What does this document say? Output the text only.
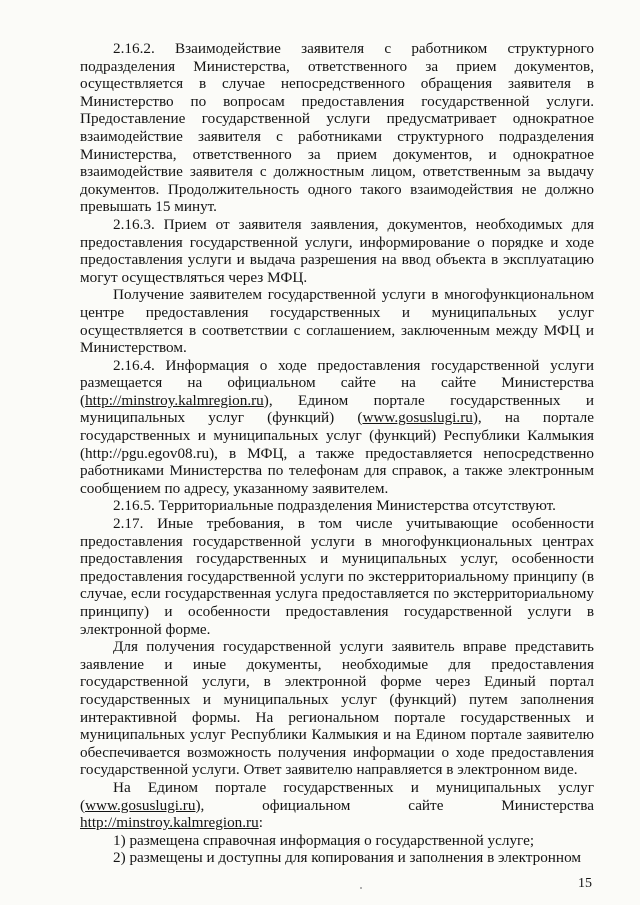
2.16.2. Взаимодействие заявителя с работником структурного подразделения Министерства, ответственного за прием документов, осуществляется в случае непосредственного обращения заявителя в Министерство по вопросам предоставления государственной услуги. Предоставление государственной услуги предусматривает однократное взаимодействие заявителя с работниками структурного подразделения Министерства, ответственного за прием документов, и однократное взаимодействие заявителя с должностным лицом, ответственным за выдачу документов. Продолжительность одного такого взаимодействия не должно превышать 15 минут.

2.16.3. Прием от заявителя заявления, документов, необходимых для предоставления государственной услуги, информирование о порядке и ходе предоставления услуги и выдача разрешения на ввод объекта в эксплуатацию могут осуществляться через МФЦ.

Получение заявителем государственной услуги в многофункциональном центре предоставления государственных и муниципальных услуг осуществляется в соответствии с соглашением, заключенным между МФЦ и Министерством.

2.16.4. Информация о ходе предоставления государственной услуги размещается на официальном сайте на сайте Министерства (http://minstroy.kalmregion.ru), Едином портале государственных и муниципальных услуг (функций) (www.gosuslugi.ru), на портале государственных и муниципальных услуг (функций) Республики Калмыкия (http://pgu.egov08.ru), в МФЦ, а также предоставляется непосредственно работниками Министерства по телефонам для справок, а также электронным сообщением по адресу, указанному заявителем.

2.16.5. Территориальные подразделения Министерства отсутствуют.

2.17. Иные требования, в том числе учитывающие особенности предоставления государственной услуги в многофункциональных центрах предоставления государственных и муниципальных услуг, особенности предоставления государственной услуги по экстерриториальному принципу (в случае, если государственная услуга предоставляется по экстерриториальному принципу) и особенности предоставления государственной услуги в электронной форме.

Для получения государственной услуги заявитель вправе представить заявление и иные документы, необходимые для предоставления государственной услуги, в электронной форме через Единый портал государственных и муниципальных услуг (функций) путем заполнения интерактивной формы. На региональном портале государственных и муниципальных услуг Республики Калмыкия и на Едином портале заявителю обеспечивается возможность получения информации о ходе предоставления государственной услуги. Ответ заявителю направляется в электронном виде.

На Едином портале государственных и муниципальных услуг (www.gosuslugi.ru), официальном сайте Министерства http://minstroy.kalmregion.ru:

1) размещена справочная информация о государственной услуге;

2) размещены и доступны для копирования и заполнения в электронном

15
